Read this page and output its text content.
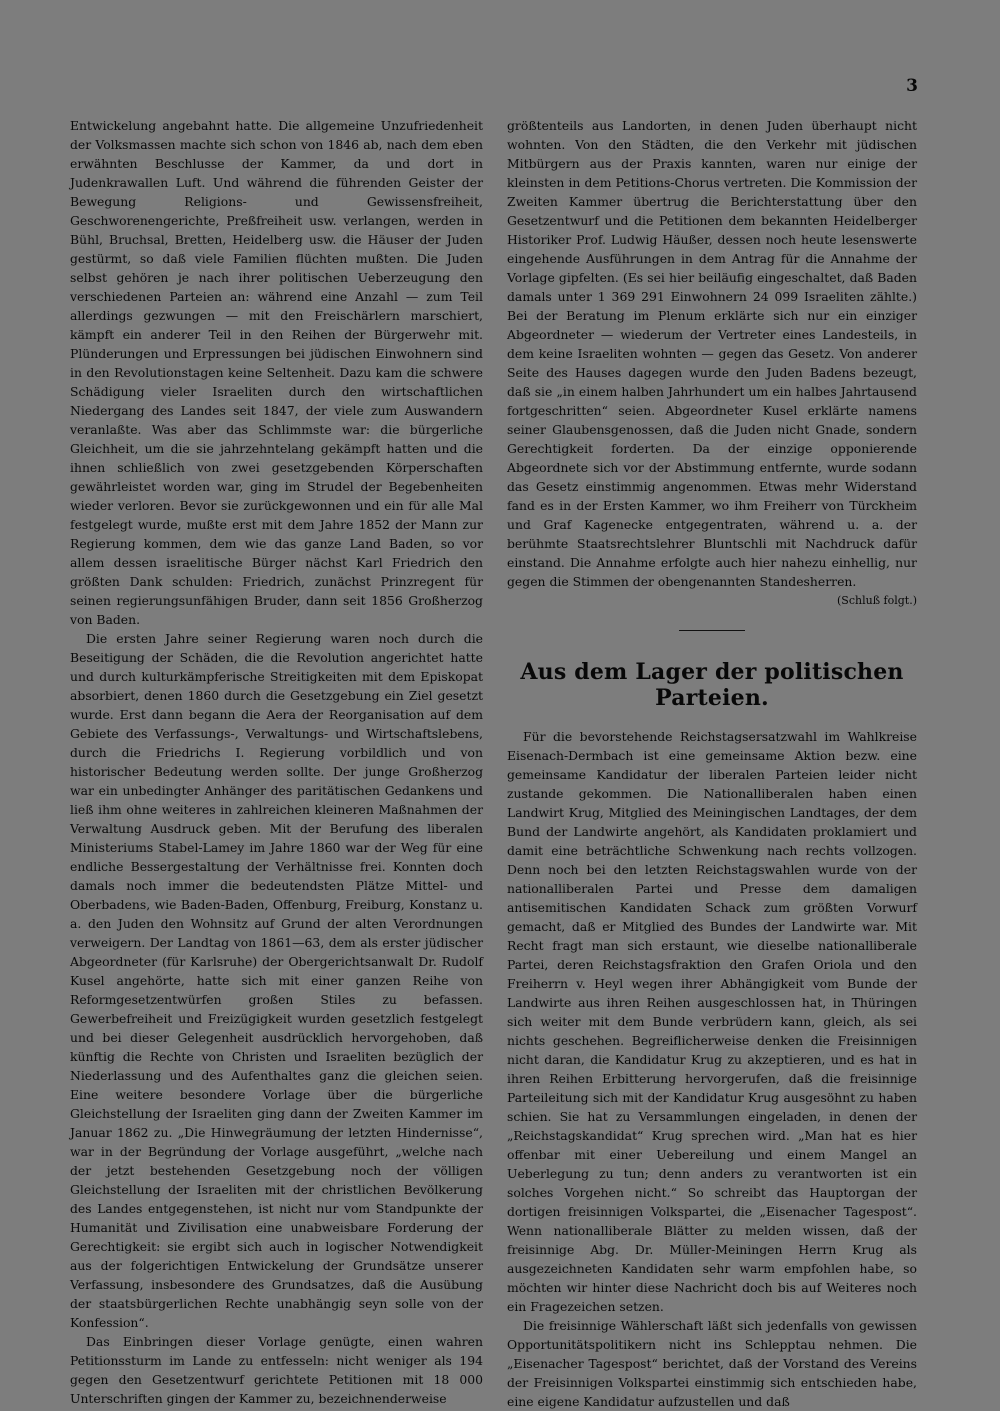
3

Entwickelung angebahnt hatte. Die allgemeine Unzufriedenheit der Volksmassen machte sich schon von 1846 ab, nach dem eben erwähnten Beschlusse der Kammer, da und dort in Judenkrawallen Luft. Und während die führenden Geister der Bewegung Religions- und Gewissensfreiheit, Geschworenengerichte, Preßfreiheit usw. verlangen, werden in Bühl, Bruchsal, Bretten, Heidelberg usw. die Häuser der Juden gestürmt, so daß viele Familien flüchten mußten. Die Juden selbst gehören je nach ihrer politischen Ueberzeugung den verschiedenen Parteien an: während eine Anzahl — zum Teil allerdings gezwungen — mit den Freischärlern marschiert, kämpft ein anderer Teil in den Reihen der Bürgerwehr mit. Plünderungen und Erpressungen bei jüdischen Einwohnern sind in den Revolutionstagen keine Seltenheit. Dazu kam die schwere Schädigung vieler Israeliten durch den wirtschaftlichen Niedergang des Landes seit 1847, der viele zum Auswandern veranlaßte. Was aber das Schlimmste war: die bürgerliche Gleichheit, um die sie jahrzehntelang gekämpft hatten und die ihnen schließlich von zwei gesetzgebenden Körperschaften gewährleistet worden war, ging im Strudel der Begebenheiten wieder verloren. Bevor sie zurückgewonnen und ein für alle Mal festgelegt wurde, mußte erst mit dem Jahre 1852 der Mann zur Regierung kommen, dem wie das ganze Land Baden, so vor allem dessen israelitische Bürger nächst Karl Friedrich den größten Dank schulden: Friedrich, zunächst Prinzregent für seinen regierungsunfähigen Bruder, dann seit 1856 Großherzog von Baden.

Die ersten Jahre seiner Regierung waren noch durch die Beseitigung der Schäden, die die Revolution angerichtet hatte und durch kulturkämpferische Streitigkeiten mit dem Episkopat absorbiert, denen 1860 durch die Gesetzgebung ein Ziel gesetzt wurde. Erst dann begann die Aera der Reorganisation auf dem Gebiete des Verfassungs-, Verwaltungs- und Wirtschaftslebens, durch die Friedrichs I. Regierung vorbildlich und von historischer Bedeutung werden sollte. Der junge Großherzog war ein unbedingter Anhänger des paritätischen Gedankens und ließ ihm ohne weiteres in zahlreichen kleineren Maßnahmen der Verwaltung Ausdruck geben. Mit der Berufung des liberalen Ministeriums Stabel-Lamey im Jahre 1860 war der Weg für eine endliche Bessergestaltung der Verhältnisse frei. Konnten doch damals noch immer die bedeutendsten Plätze Mittel- und Oberbadens, wie Baden-Baden, Offenburg, Freiburg, Konstanz u. a. den Juden den Wohnsitz auf Grund der alten Verordnungen verweigern. Der Landtag von 1861—63, dem als erster jüdischer Abgeordneter (für Karlsruhe) der Obergerichtsanwalt Dr. Rudolf Kusel angehörte, hatte sich mit einer ganzen Reihe von Reformgesetzentwürfen großen Stiles zu befassen. Gewerbefreiheit und Freizügigkeit wurden gesetzlich festgelegt und bei dieser Gelegenheit ausdrücklich hervorgehoben, daß künftig die Rechte von Christen und Israeliten bezüglich der Niederlassung und des Aufenthaltes ganz die gleichen seien. Eine weitere besondere Vorlage über die bürgerliche Gleichstellung der Israeliten ging dann der Zweiten Kammer im Januar 1862 zu. „Die Hinwegräumung der letzten Hindernisse“, war in der Begründung der Vorlage ausgeführt, „welche nach der jetzt bestehenden Gesetzgebung noch der völligen Gleichstellung der Israeliten mit der christlichen Bevölkerung des Landes entgegenstehen, ist nicht nur vom Standpunkte der Humanität und Zivilisation eine unabweisbare Forderung der Gerechtigkeit: sie ergibt sich auch in logischer Notwendigkeit aus der folgerichtigen Entwickelung der Grundsätze unserer Verfassung, insbesondere des Grundsatzes, daß die Ausübung der staatsbürgerlichen Rechte unabhängig seyn solle von der Konfession“.

Das Einbringen dieser Vorlage genügte, einen wahren Petitionssturm im Lande zu entfesseln: nicht weniger als 194 gegen den Gesetzentwurf gerichtete Petitionen mit 18 000 Unterschriften gingen der Kammer zu, bezeichnenderweise

größtenteils aus Landorten, in denen Juden überhaupt nicht wohnten. Von den Städten, die den Verkehr mit jüdischen Mitbürgern aus der Praxis kannten, waren nur einige der kleinsten in dem Petitions-Chorus vertreten. Die Kommission der Zweiten Kammer übertrug die Berichterstattung über den Gesetzentwurf und die Petitionen dem bekannten Heidelberger Historiker Prof. Ludwig Häußer, dessen noch heute lesenswerte eingehende Ausführungen in dem Antrag für die Annahme der Vorlage gipfelten. (Es sei hier beiläufig eingeschaltet, daß Baden damals unter 1 369 291 Einwohnern 24 099 Israeliten zählte.) Bei der Beratung im Plenum erklärte sich nur ein einziger Abgeordneter — wiederum der Vertreter eines Landesteils, in dem keine Israeliten wohnten — gegen das Gesetz. Von anderer Seite des Hauses dagegen wurde den Juden Badens bezeugt, daß sie „in einem halben Jahrhundert um ein halbes Jahrtausend fortgeschritten“ seien. Abgeordneter Kusel erklärte namens seiner Glaubensgenossen, daß die Juden nicht Gnade, sondern Gerechtigkeit forderten. Da der einzige opponierende Abgeordnete sich vor der Abstimmung entfernte, wurde sodann das Gesetz einstimmig angenommen. Etwas mehr Widerstand fand es in der Ersten Kammer, wo ihm Freiherr von Türckheim und Graf Kagenecke entgegentraten, während u. a. der berühmte Staatsrechtslehrer Bluntschli mit Nachdruck dafür einstand. Die Annahme erfolgte auch hier nahezu einhellig, nur gegen die Stimmen der obengenannten Standesherren.

(Schluß folgt.)

Aus dem Lager der politischen Parteien.

Für die bevorstehende Reichstagsersatzwahl im Wahlkreise Eisenach-Dermbach ist eine gemeinsame Aktion bezw. eine gemeinsame Kandidatur der liberalen Parteien leider nicht zustande gekommen. Die Nationalliberalen haben einen Landwirt Krug, Mitglied des Meiningischen Landtages, der dem Bund der Landwirte angehört, als Kandidaten proklamiert und damit eine beträchtliche Schwenkung nach rechts vollzogen. Denn noch bei den letzten Reichstagswahlen wurde von der nationalliberalen Partei und Presse dem damaligen antisemitischen Kandidaten Schack zum größten Vorwurf gemacht, daß er Mitglied des Bundes der Landwirte war. Mit Recht fragt man sich erstaunt, wie dieselbe nationalliberale Partei, deren Reichstagsfraktion den Grafen Oriola und den Freiherrn v. Heyl wegen ihrer Abhängigkeit vom Bunde der Landwirte aus ihren Reihen ausgeschlossen hat, in Thüringen sich weiter mit dem Bunde verbrüdern kann, gleich, als sei nichts geschehen. Begreiflicherweise denken die Freisinnigen nicht daran, die Kandidatur Krug zu akzeptieren, und es hat in ihren Reihen Erbitterung hervorgerufen, daß die freisinnige Parteileitung sich mit der Kandidatur Krug ausgesöhnt zu haben schien. Sie hat zu Versammlungen eingeladen, in denen der „Reichstagskandidat“ Krug sprechen wird. „Man hat es hier offenbar mit einer Uebereilung und einem Mangel an Ueberlegung zu tun; denn anders zu verantworten ist ein solches Vorgehen nicht.“ So schreibt das Hauptorgan der dortigen freisinnigen Volkspartei, die „Eisenacher Tagespost“. Wenn nationalliberale Blätter zu melden wissen, daß der freisinnige Abg. Dr. Müller-Meiningen Herrn Krug als ausgezeichneten Kandidaten sehr warm empfohlen habe, so möchten wir hinter diese Nachricht doch bis auf Weiteres noch ein Fragezeichen setzen.

Die freisinnige Wählerschaft läßt sich jedenfalls von gewissen Opportunitätspolitikern nicht ins Schlepptau nehmen. Die „Eisenacher Tagespost“ berichtet, daß der Vorstand des Vereins der Freisinnigen Volkspartei einstimmig sich entschieden habe, eine eigene Kandidatur aufzustellen und daß
